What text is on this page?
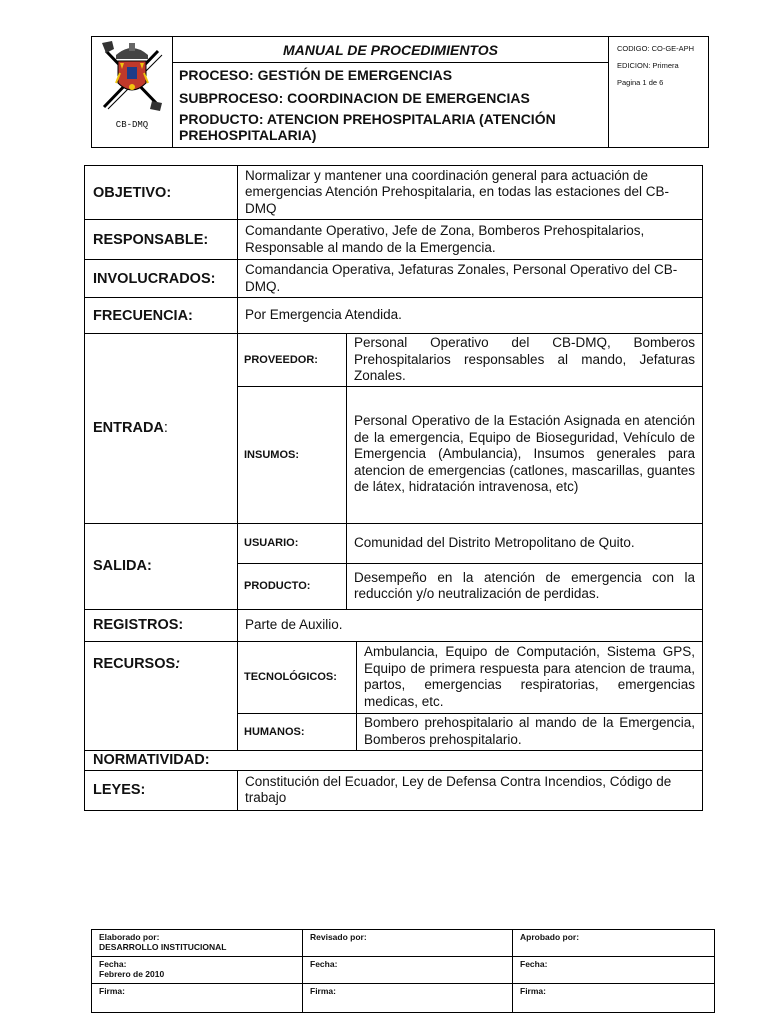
CB-DMQ
	MANUAL DE PROCEDIMIENTOS	CODIGO: CO-GE-APH
EDICION: Primera
Pagina 1 de 6

PROCESO: GESTIÓN DE EMERGENCIAS
SUBPROCESO: COORDINACION DE EMERGENCIAS
PRODUCTO: ATENCION PREHOSPITALARIA (ATENCIÓN PREHOSPITALARIA)
OBJETIVO:	Normalizar y mantener una coordinación general para actuación de emergencias Atención Prehospitalaria, en todas las estaciones del CB-DMQ		
RESPONSABLE:	Comandante Operativo, Jefe de Zona, Bomberos Prehospitalarios, Responsable al mando de la Emergencia.		
INVOLUCRADOS:	Comandancia Operativa, Jefaturas Zonales, Personal Operativo del CB-DMQ.		
FRECUENCIA:	Por Emergencia Atendida.		
ENTRADA:	PROVEEDOR:	Personal Operativo del CB-DMQ, Bomberos Prehospitalarios responsables al mando, Jefaturas Zonales.	
	INSUMOS:	Personal Operativo de la Estación Asignada en atención de la emergencia, Equipo de Bioseguridad, Vehículo de Emergencia (Ambulancia), Insumos generales para atencion de emergencias (catlones, mascarillas, guantes de látex, hidratación intravenosa, etc)	
SALIDA:	USUARIO:	Comunidad del Distrito Metropolitano de Quito.	
	PRODUCTO:	Desempeño en la atención de emergencia con la reducción y/o neutralización de perdidas.	
REGISTROS:	Parte de Auxilio.		
RECURSOS:	TECNOLÓGICOS:		Ambulancia, Equipo de Computación, Sistema GPS, Equipo de primera respuesta para atencion de trauma, partos, emergencias respiratorias, emergencias medicas, etc.
	HUMANOS:		Bombero prehospitalario al mando de la Emergencia, Bomberos prehospitalario.
NORMATIVIDAD:			
LEYES:	Constitución del Ecuador, Ley de Defensa Contra Incendios, Código de trabajo		
Elaborado por:
DESARROLLO INSTITUCIONAL	Revisado por:	Aprobado por:

Fecha:
Febrero de 2010	Fecha:	Fecha:
Firma:	Firma:	Firma:
